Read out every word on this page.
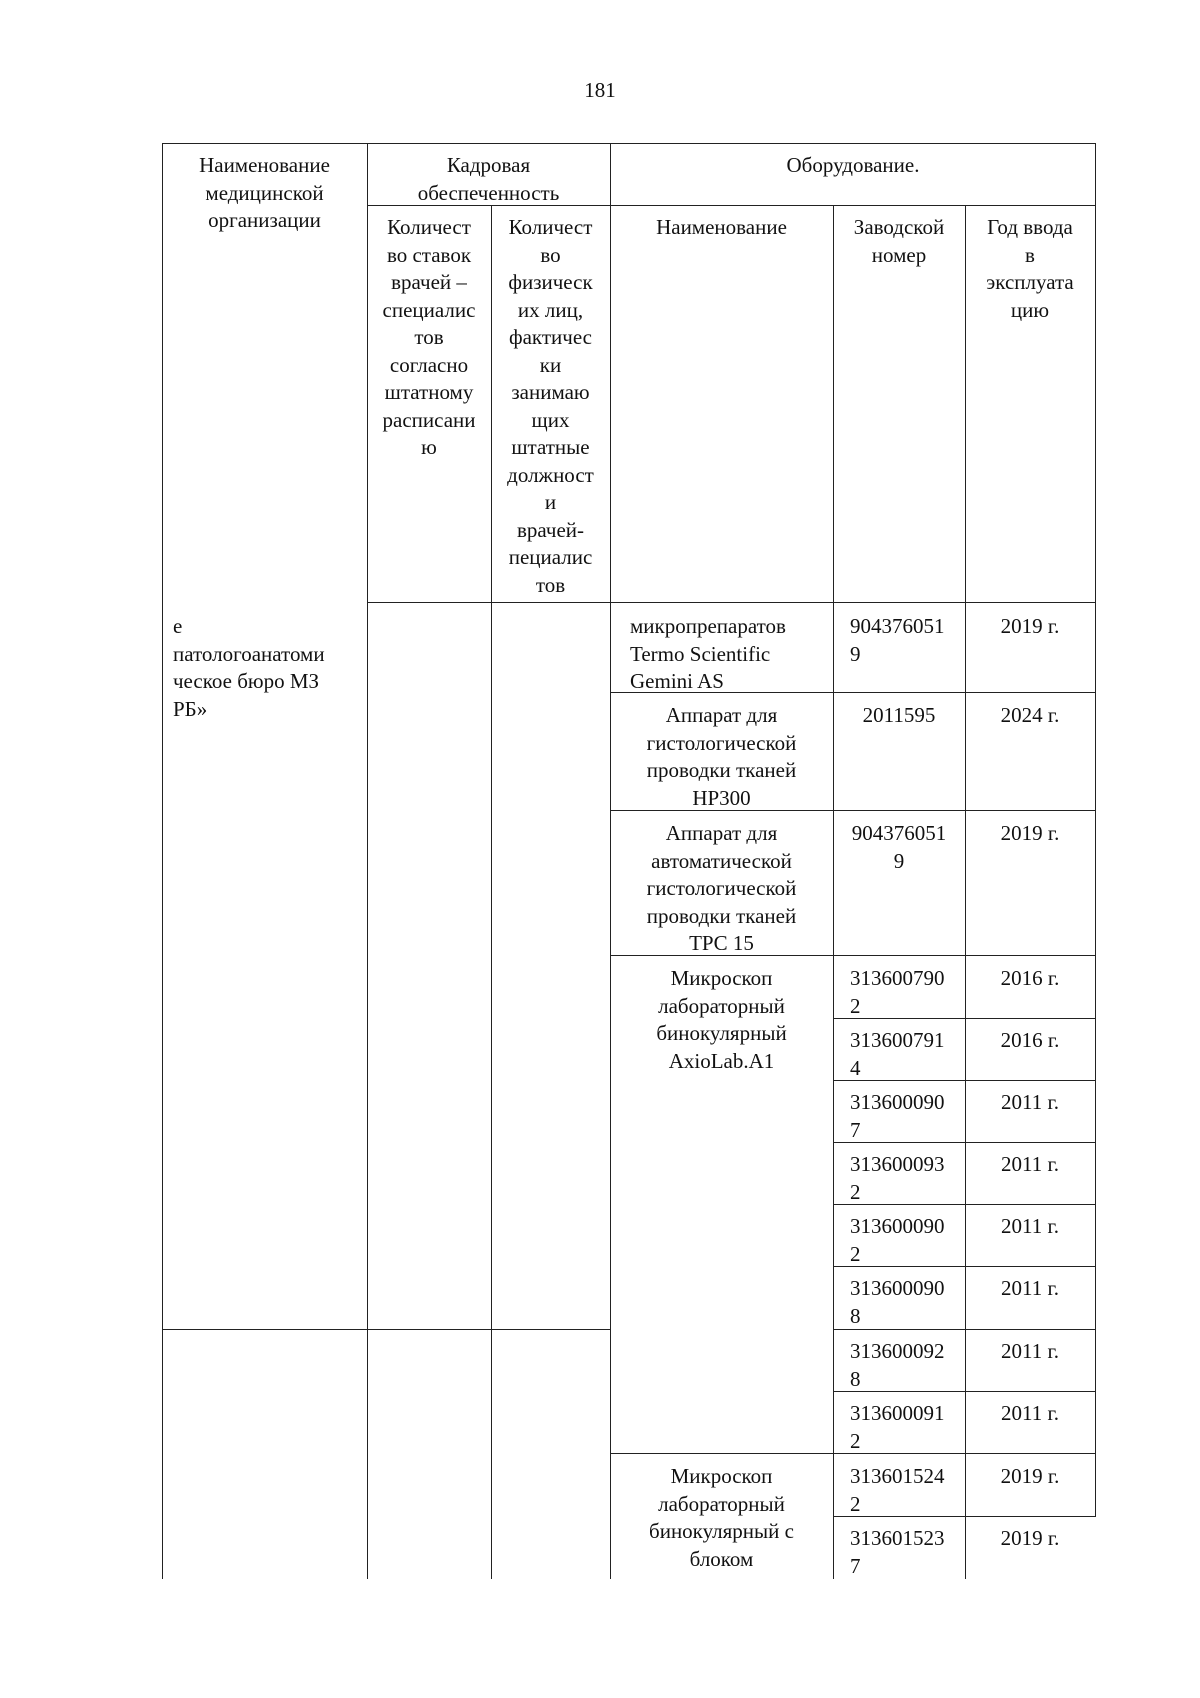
181
Наименование
медицинской
организации
Кадровая
обеспеченность
Оборудование.
Количест
во ставок
врачей –
специалис
тов
согласно
штатному
расписани
ю
Количест
во
физическ
их лиц,
фактичес
ки
занимаю
щих
штатные
должност
и
врачей-
пециалис
тов
Наименование	Заводской
номер
Год ввода
в
эксплуата
цию
е
патологоанатоми
ческое бюро МЗ
РБ»
микропрепаратов
Termo Scientific
Gemini AS
904376051
9
2019 г.
Аппарат для
гистологической
проводки тканей
HP300
2011595	2024 г.
Аппарат для
автоматической
гистологической
проводки тканей
TPC 15
904376051
9
2019 г.
Микроскоп
лабораторный
бинокулярный
AxioLab.A1
313600790
2
2016 г.
313600791
4
2016 г.
313600090
7
2011 г.
313600093
2
2011 г.
313600090
2
2011 г.
313600090
8
2011 г.
313600092
8
2011 г.
313600091
2
2011 г.
Микроскоп
лабораторный
бинокулярный с
блоком
313601524
2
2019 г.
313601523
7
2019 г.
